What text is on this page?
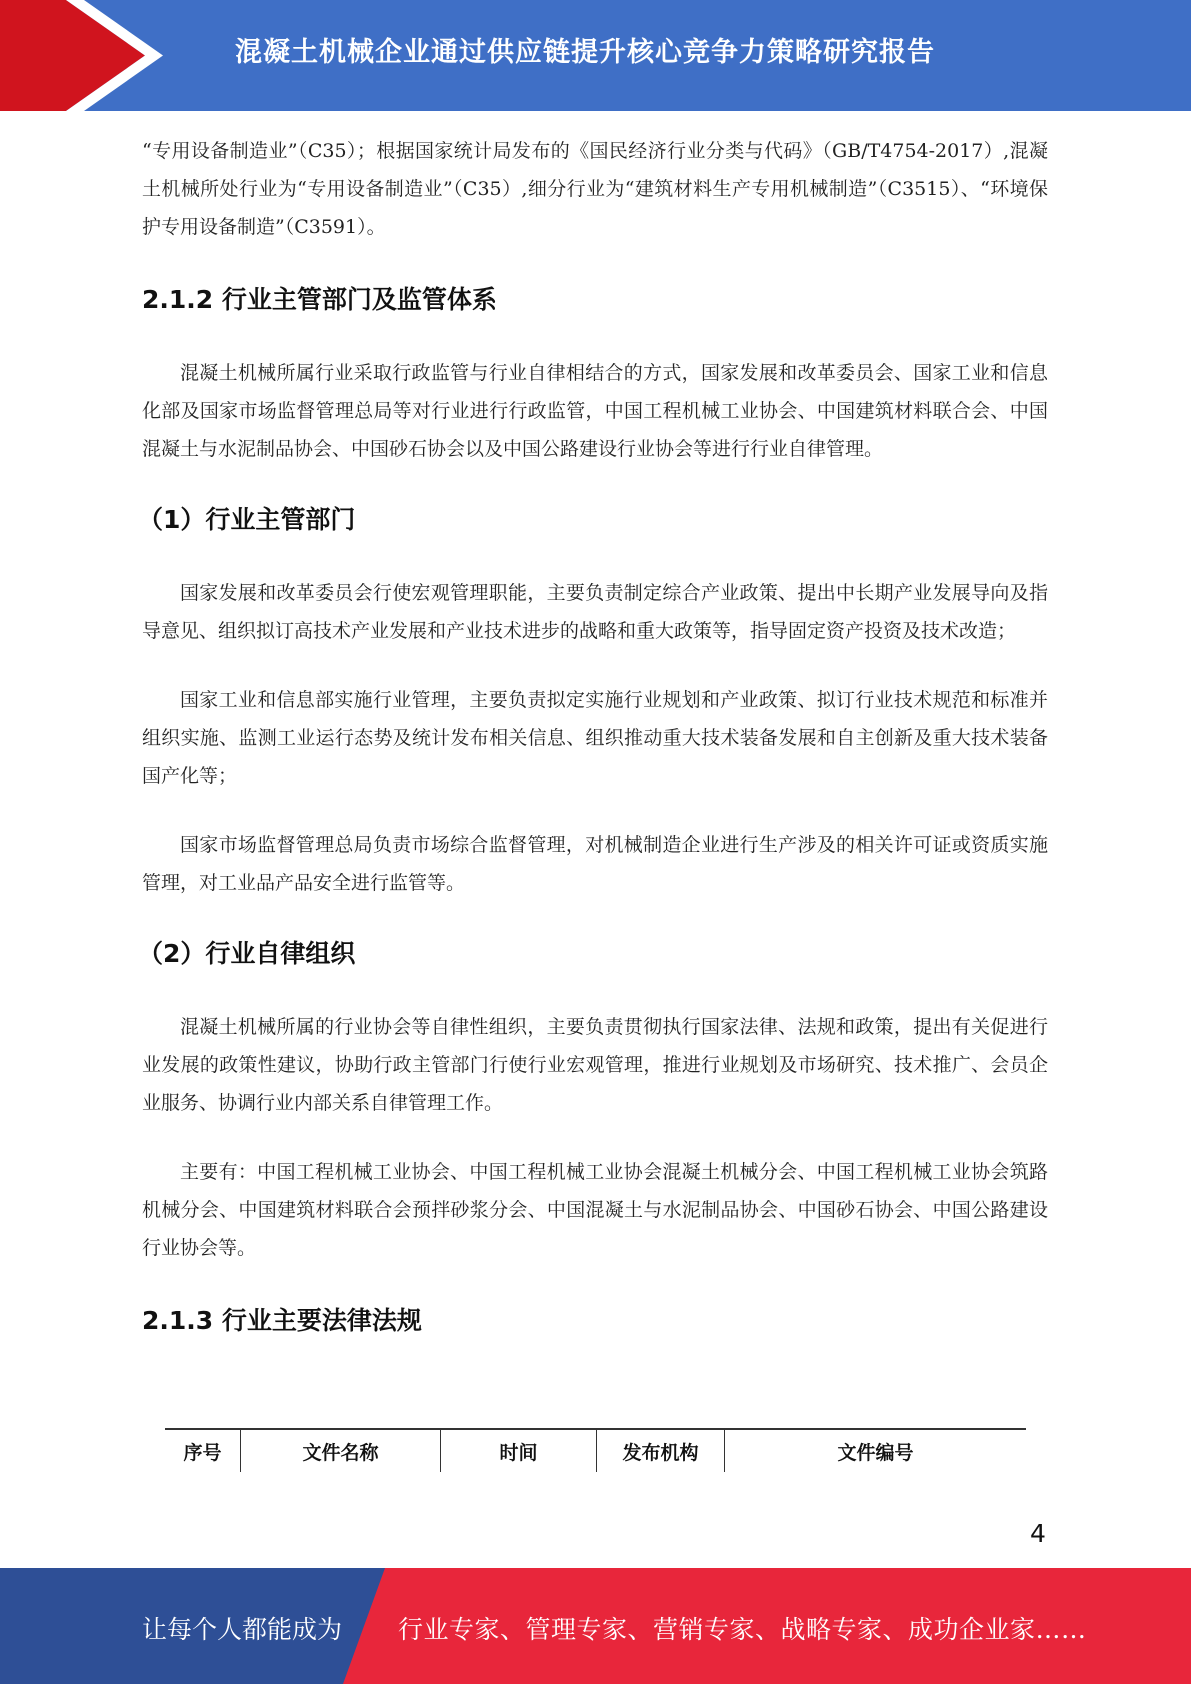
混凝土机械企业通过供应链提升核心竞争力策略研究报告

“专用设备制造业”（C35）；根据国家统计局发布的《国民经济行业分类与代码》（GB/T4754-2017）,混凝土机械所处行业为“专用设备制造业”（C35）,细分行业为“建筑材料生产专用机械制造”（C3515）、“环境保护专用设备制造”（C3591）。

2.1.2 行业主管部门及监管体系

混凝土机械所属行业采取行政监管与行业自律相结合的方式，国家发展和改革委员会、国家工业和信息化部及国家市场监督管理总局等对行业进行行政监管，中国工程机械工业协会、中国建筑材料联合会、中国混凝土与水泥制品协会、中国砂石协会以及中国公路建设行业协会等进行行业自律管理。

（1）行业主管部门

国家发展和改革委员会行使宏观管理职能，主要负责制定综合产业政策、提出中长期产业发展导向及指导意见、组织拟订高技术产业发展和产业技术进步的战略和重大政策等，指导固定资产投资及技术改造；

国家工业和信息部实施行业管理，主要负责拟定实施行业规划和产业政策、拟订行业技术规范和标准并组织实施、监测工业运行态势及统计发布相关信息、组织推动重大技术装备发展和自主创新及重大技术装备国产化等；

国家市场监督管理总局负责市场综合监督管理，对机械制造企业进行生产涉及的相关许可证或资质实施管理，对工业品产品安全进行监管等。

（2）行业自律组织

混凝土机械所属的行业协会等自律性组织，主要负责贯彻执行国家法律、法规和政策，提出有关促进行业发展的政策性建议，协助行政主管部门行使行业宏观管理，推进行业规划及市场研究、技术推广、会员企业服务、协调行业内部关系自律管理工作。

主要有：中国工程机械工业协会、中国工程机械工业协会混凝土机械分会、中国工程机械工业协会筑路机械分会、中国建筑材料联合会预拌砂浆分会、中国混凝土与水泥制品协会、中国砂石协会、中国公路建设行业协会等。

2.1.3 行业主要法律法规
序号	文件名称	时间	发布机构	文件编号
4
让每个人都能成为 行业专家、管理专家、营销专家、战略专家、成功企业家……
